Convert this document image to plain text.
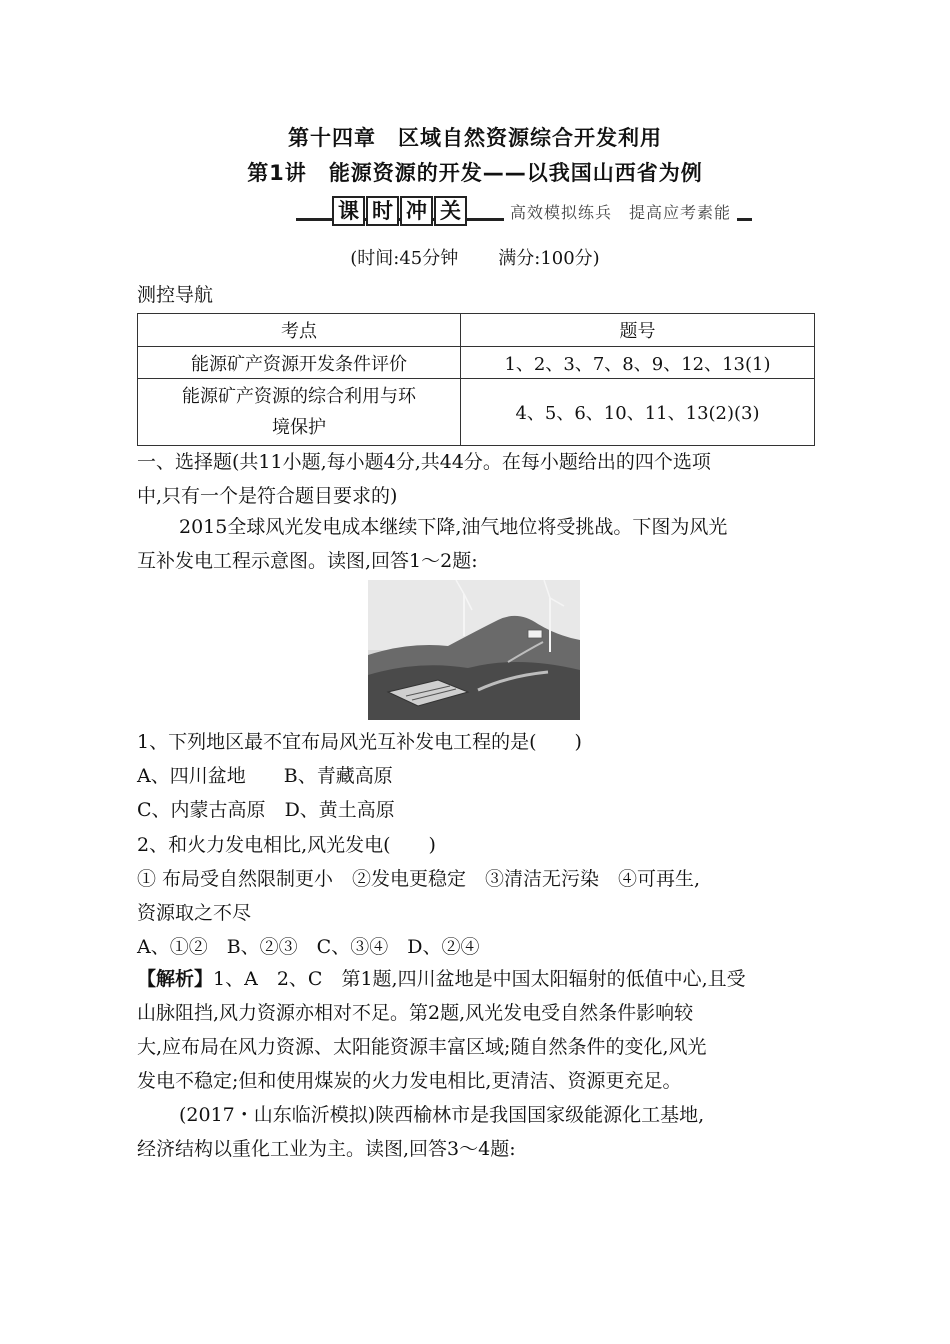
第十四章 区域自然资源综合开发利用
第1讲 能源资源的开发——以我国山西省为例
课 时 冲 关	高效模拟练兵　提高应考素能
(时间:45分钟 满分:100分)
测控导航
考点	题号
能源矿产资源开发条件评价	1、2、3、7、8、9、12、13(1)

能源矿产资源的综合利用与环
境保护	4、5、6、10、11、13(2)(3)
一、选择题(共11小题,每小题4分,共44分。在每小题给出的四个选项
中,只有一个是符合题目要求的)
2015全球风光发电成本继续下降,油气地位将受挑战。下图为风光
互补发电工程示意图。读图,回答1～2题:
1、下列地区最不宜布局风光互补发电工程的是(　　)
A、四川盆地　　 B、青藏高原
C、内蒙古高原　 D、黄土高原
2、和火力发电相比,风光发电(　　)
① 布局受自然限制更小　②发电更稳定　③清洁无污染　④可再生,
资源取之不尽
A、①②　B、②③　C、③④　D、②④
【解析】1、A　2、C　第1题,四川盆地是中国太阳辐射的低值中心,且受
山脉阻挡,风力资源亦相对不足。第2题,风光发电受自然条件影响较
大,应布局在风力资源、太阳能资源丰富区域;随自然条件的变化,风光
发电不稳定;但和使用煤炭的火力发电相比,更清洁、资源更充足。
(2017・山东临沂模拟)陕西榆林市是我国国家级能源化工基地,
经济结构以重化工业为主。读图,回答3～4题:
